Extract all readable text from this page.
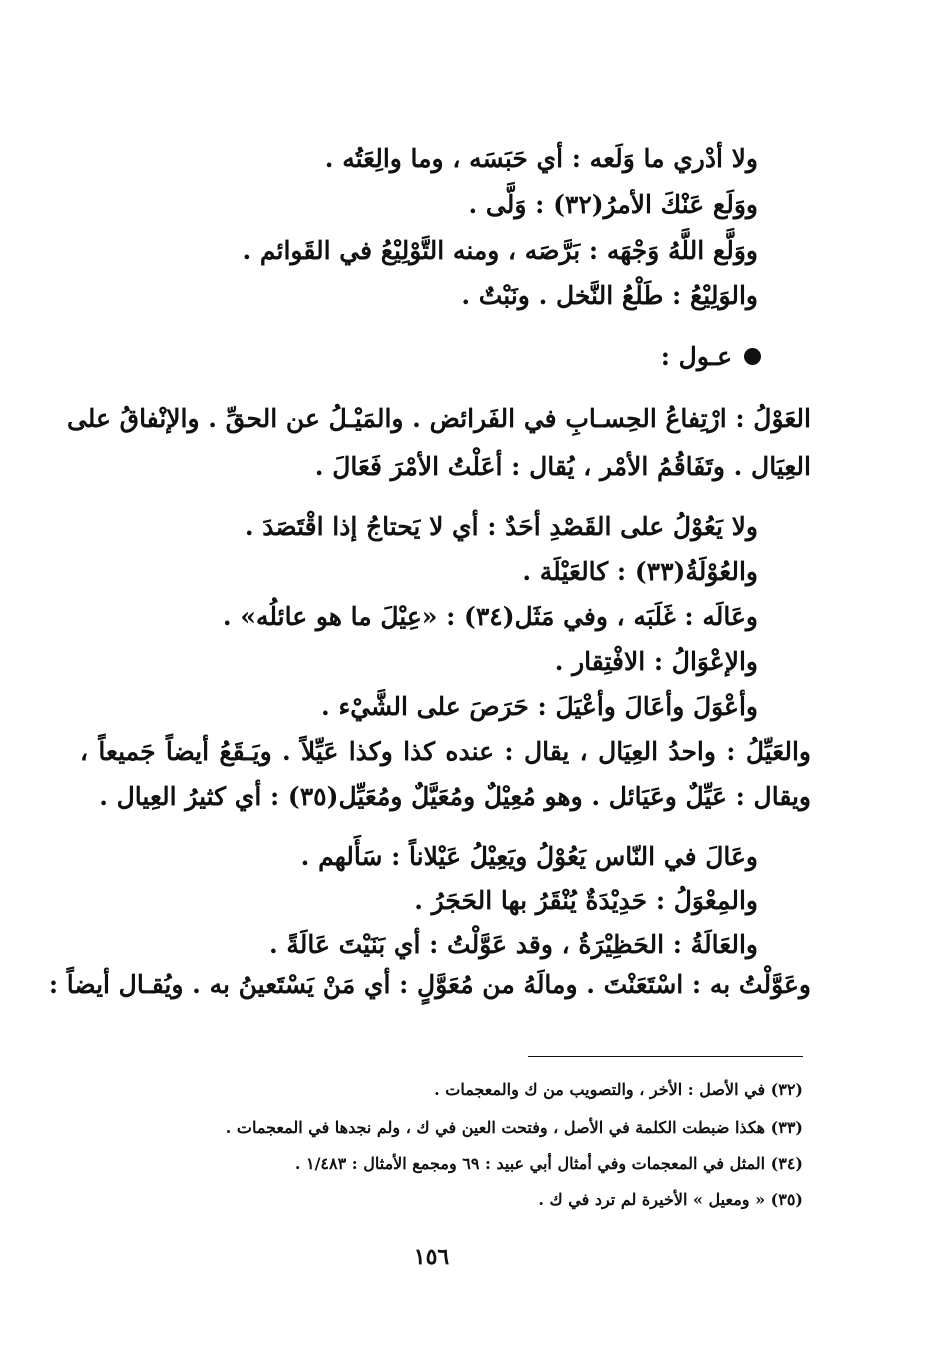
ولا أدْري ما وَلَعه : أي حَبَسَه ، وما والِعَتُه .
ووَلَع عَنْكَ الأمرُ(٣٢) : وَلَّى .
ووَلَّع اللَّهُ وَجْهَه : بَرَّصَه ، ومنه التَّوْلِيْعُ في القَوائم .
والوَلِيْعُ : طَلْعُ النَّخل . ونَبْتٌ .
عـول :
العَوْلُ : ارْتِفاعُ الحِسـابِ في الفَرائض . والمَيْـلُ عن الحقِّ . والإنْفاقُ على
العِيَال . وتَفَاقُمُ الأمْر ، يُقال : أعَلْتُ الأمْرَ فَعَالَ .
ولا يَعُوْلُ على القَصْدِ أحَدٌ : أي لا يَحتاجُ إذا اقْتَصَدَ .
والعُوْلَةُ(٣٣) : كالعَيْلَة .
وعَالَه : غَلَبَه ، وفي مَثَل(٣٤) : «عِيْلَ ما هو عائلُه» .
والإعْوَالُ : الافْتِقار .
وأعْوَلَ وأعَالَ وأعْيَلَ : حَرَصَ على الشَّيْء .
والعَيِّلُ : واحدُ العِيَال ، يقال : عنده كذا وكذا عَيِّلاً . ويَـقَعُ أيضاً جَميعاً ،
ويقال : عَيِّلٌ وعَيَائل . وهو مُعِيْلٌ ومُعَيَّلٌ ومُعَيِّل(٣٥) : أي كثيرُ العِيال .
وعَالَ في النّاس يَعُوْلُ ويَعِيْلُ عَيْلاناً : سَأَلهم .
والمِعْوَلُ : حَدِيْدَةٌ يُنْقَرُ بها الحَجَرُ .
والعَالَةُ : الحَظِيْرَةُ ، وقد عَوَّلْتُ : أي بَنَيْتَ عَالَةً .
وعَوَّلْتُ به : اسْتَعَنْتَ . ومالَهُ من مُعَوَّلٍ : أي مَنْ يَسْتَعينُ به . ويُقـال أيضاً :
(٣٢) في الأصل : الأخر ، والتصويب من ك والمعجمات .
(٣٣) هكذا ضبطت الكلمة في الأصل ، وفتحت العين في ك ، ولم نجدها في المعجمات .
(٣٤) المثل في المعجمات وفي أمثال أبي عبيد : ٦٩ ومجمع الأمثال : ١/٤٨٣ .
(٣٥) « ومعيل » الأخيرة لم ترد في ك .
١٥٦
